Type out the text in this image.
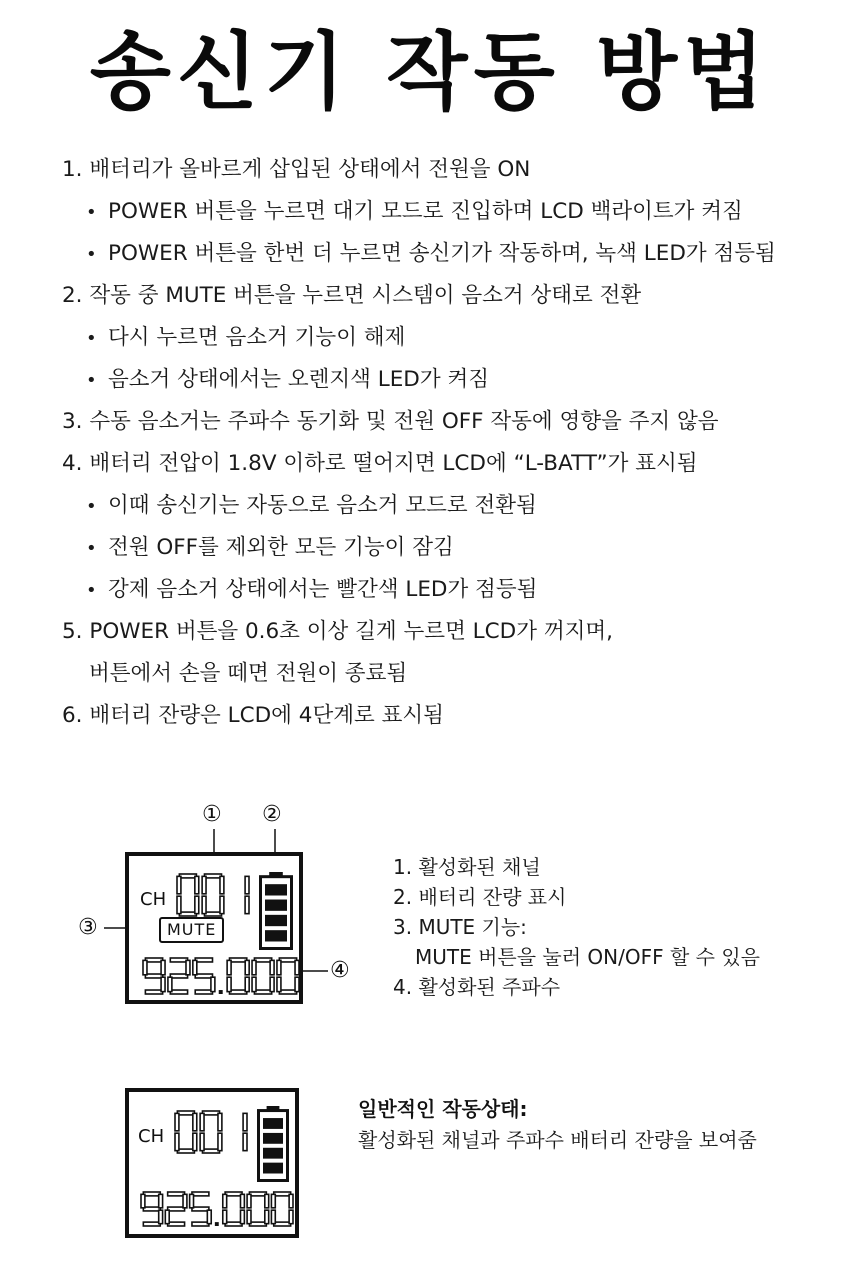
송신기 작동 방법
1. 배터리가 올바르게 삽입된 상태에서 전원을 ON
• POWER 버튼을 누르면 대기 모드로 진입하며 LCD 백라이트가 켜짐
• POWER 버튼을 한번 더 누르면 송신기가 작동하며, 녹색 LED가 점등됨
2. 작동 중 MUTE 버튼을 누르면 시스템이 음소거 상태로 전환
• 다시 누르면 음소거 기능이 해제
• 음소거 상태에서는 오렌지색 LED가 켜짐
3. 수동 음소거는 주파수 동기화 및 전원 OFF 작동에 영향을 주지 않음
4. 배터리 전압이 1.8V 이하로 떨어지면 LCD에 “L-BATT”가 표시됨
• 이때 송신기는 자동으로 음소거 모드로 전환됨
• 전원 OFF를 제외한 모든 기능이 잠김
• 강제 음소거 상태에서는 빨간색 LED가 점등됨
5. POWER 버튼을 0.6초 이상 길게 누르면 LCD가 꺼지며,
버튼에서 손을 떼면 전원이 종료됨
6. 배터리 잔량은 LCD에 4단계로 표시됨
① ②
③
④
CH
MUTE
1. 활성화된 채널
2. 배터리 잔량 표시
3. MUTE 기능:
MUTE 버튼을 눌러 ON/OFF 할 수 있음
4. 활성화된 주파수
CH
일반적인 작동상태:
활성화된 채널과 주파수 배터리 잔량을 보여줌
